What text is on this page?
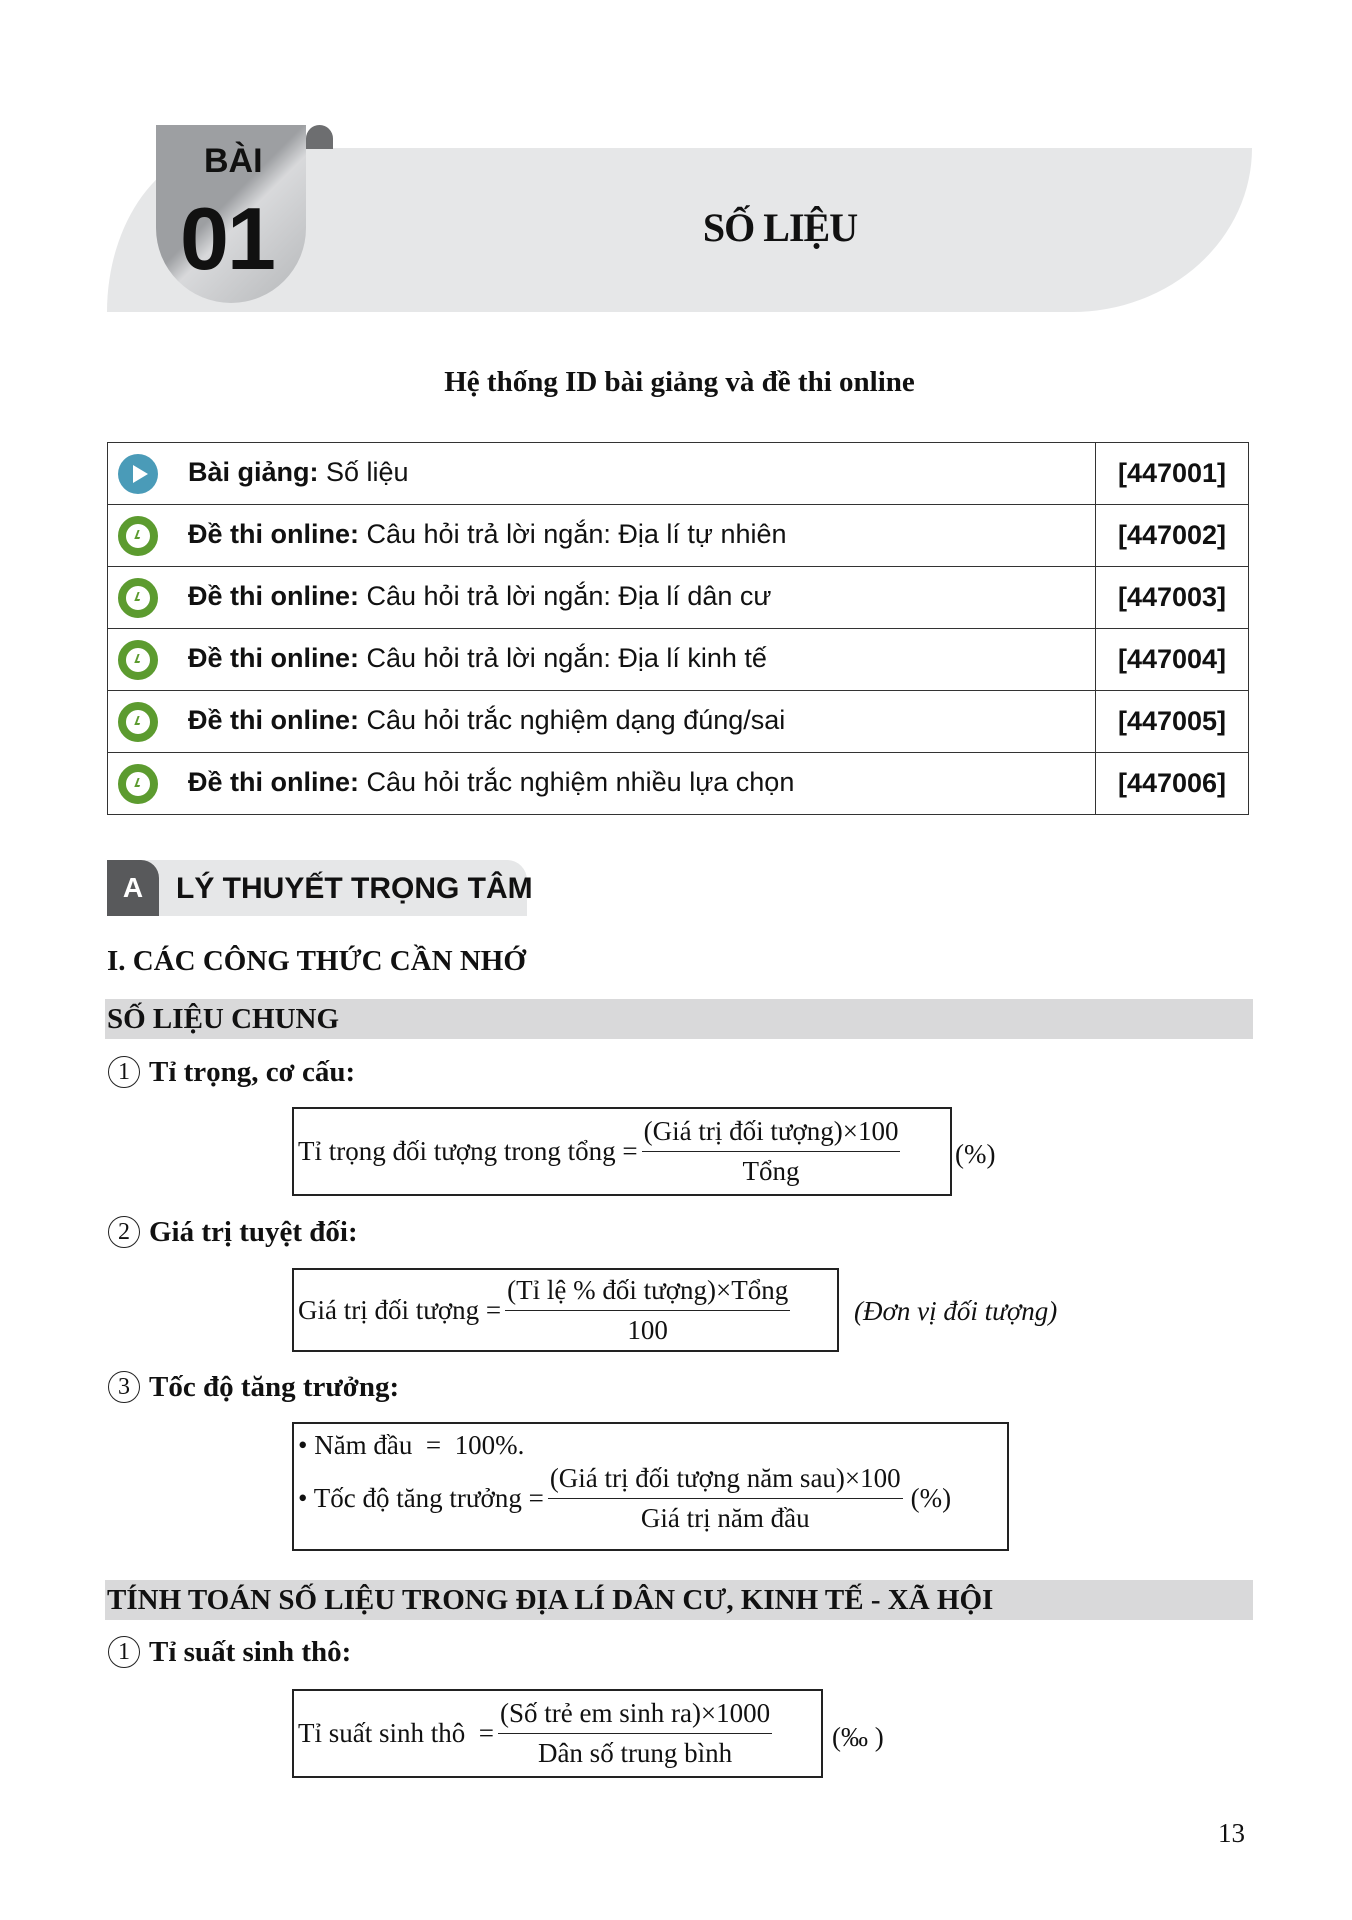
BÀI
01	SỐ LIỆU
Hệ thống ID bài giảng và đề thi online
Bài giảng: Số liệu	[447001]
Đề thi online: Câu hỏi trả lời ngắn: Địa lí tự nhiên	[447002]
Đề thi online: Câu hỏi trả lời ngắn: Địa lí dân cư	[447003]
Đề thi online: Câu hỏi trả lời ngắn: Địa lí kinh tế	[447004]
Đề thi online: Câu hỏi trắc nghiệm dạng đúng/sai	[447005]
Đề thi online: Câu hỏi trắc nghiệm nhiều lựa chọn	[447006]
A	LÝ THUYẾT TRỌNG TÂM
I. CÁC CÔNG THỨC CẦN NHỚ
SỐ LIỆU CHUNG
1 Tỉ trọng, cơ cấu:
Tỉ trọng đối tượng trong tổng = $\frac{\text{(Giá trị đối tượng)×100}}{\text{Tổng}}$ (%)
2 Giá trị tuyệt đối:
Giá trị đối tượng = $\frac{\text{(Tỉ lệ \% đối tượng)×Tổng}}{100}$ (Đơn vị đối tượng)
3 Tốc độ tăng trưởng:
• Năm đầu  =  100%.
• Tốc độ tăng trưởng = $\frac{\text{(Giá trị đối tượng năm sau)×100}}{\text{Giá trị năm đầu}}$ (%)
TÍNH TOÁN SỐ LIỆU TRONG ĐỊA LÍ DÂN CƯ, KINH TẾ - XÃ HỘI
1 Tỉ suất sinh thô:
Tỉ suất sinh thô  = $\frac{\text{(Số trẻ em sinh ra)×1000}}{\text{Dân số trung bình}}$ (‰ )
13
